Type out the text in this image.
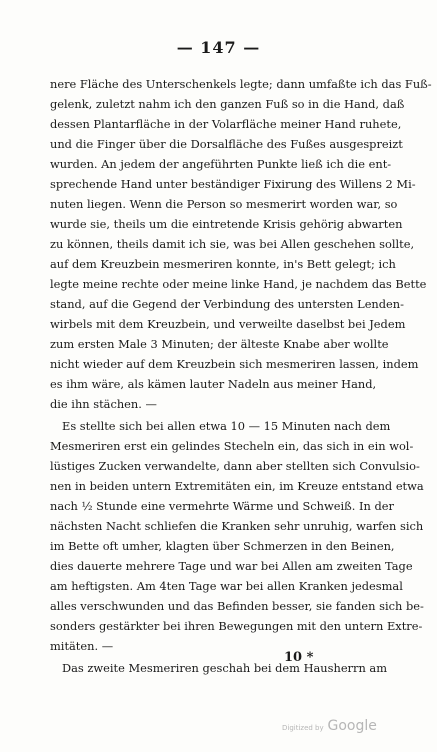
— 147 —
nere Fläche des Unterschenkels legte; dann umfaßte ich das Fuß-
gelenk, zuletzt nahm ich den ganzen Fuß so in die Hand, daß
dessen Plantarfläche in der Volarfläche meiner Hand ruhete,
und die Finger über die Dorsalfläche des Fußes ausgespreizt
wurden. An jedem der angeführten Punkte ließ ich die ent-
sprechende Hand unter beständiger Fixirung des Willens 2 Mi-
nuten liegen. Wenn die Person so mesmerirt worden war, so
wurde sie, theils um die eintretende Krisis gehörig abwarten
zu können, theils damit ich sie, was bei Allen geschehen sollte,
auf dem Kreuzbein mesmeriren konnte, in's Bett gelegt; ich
legte meine rechte oder meine linke Hand, je nachdem das Bette
stand, auf die Gegend der Verbindung des untersten Lenden-
wirbels mit dem Kreuzbein, und verweilte daselbst bei Jedem
zum ersten Male 3 Minuten; der älteste Knabe aber wollte
nicht wieder auf dem Kreuzbein sich mesmeriren lassen, indem
es ihm wäre, als kämen lauter Nadeln aus meiner Hand,
die ihn stächen. —
Es stellte sich bei allen etwa 10 — 15 Minuten nach dem
Mesmeriren erst ein gelindes Stecheln ein, das sich in ein wol-
lüstiges Zucken verwandelte, dann aber stellten sich Convulsio-
nen in beiden untern Extremitäten ein, im Kreuze entstand etwa
nach ½ Stunde eine vermehrte Wärme und Schweiß. In der
nächsten Nacht schliefen die Kranken sehr unruhig, warfen sich
im Bette oft umher, klagten über Schmerzen in den Beinen,
dies dauerte mehrere Tage und war bei Allen am zweiten Tage
am heftigsten. Am 4ten Tage war bei allen Kranken jedesmal
alles verschwunden und das Befinden besser, sie fanden sich be-
sonders gestärkter bei ihren Bewegungen mit den untern Extre-
mitäten. —
Das zweite Mesmeriren geschah bei dem Hausherrn am
10 *
Digitized by Google
